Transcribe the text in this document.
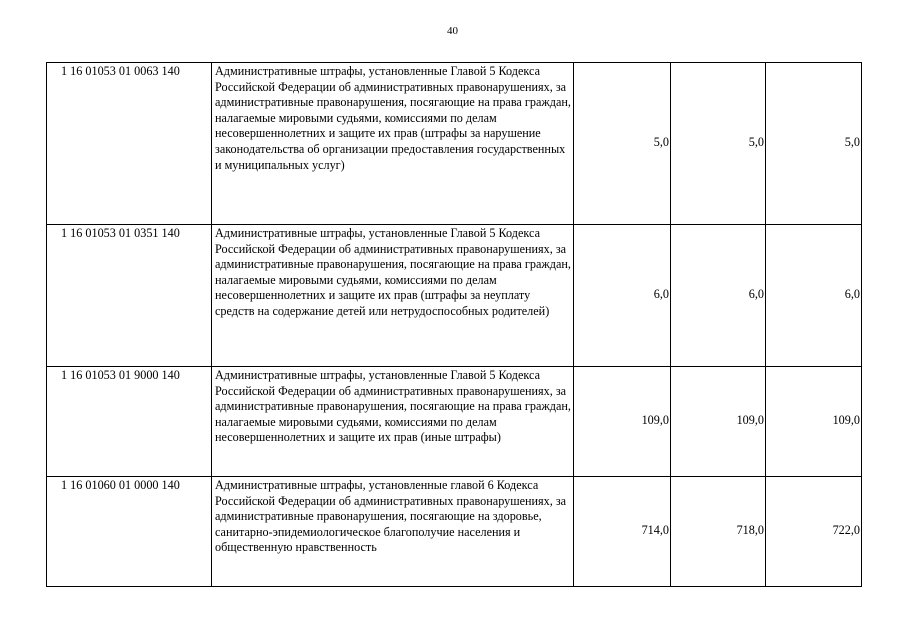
40
1 16 01053 01 0063 140	Административные штрафы, установленные Главой 5 Кодекса Российской Федерации об административных правонарушениях, за административные правонарушения, посягающие на права граждан, налагаемые мировыми судьями, комиссиями по делам несовершеннолетних и защите их прав (штрафы за нарушение законодательства об организации предоставления государственных и муниципальных услуг)	5,0	5,0	5,0
1 16 01053 01 0351 140	Административные штрафы, установленные Главой 5 Кодекса Российской Федерации об административных правонарушениях, за административные правонарушения, посягающие на права граждан, налагаемые мировыми судьями, комиссиями по делам несовершеннолетних и защите их прав (штрафы за неуплату средств на содержание детей или нетрудоспособных родителей)	6,0	6,0	6,0
1 16 01053 01 9000 140	Административные штрафы, установленные Главой 5 Кодекса Российской Федерации об административных правонарушениях, за административные правонарушения, посягающие на права граждан, налагаемые мировыми судьями, комиссиями по делам несовершеннолетних и защите их прав (иные штрафы)	109,0	109,0	109,0
1 16 01060 01 0000 140	Административные штрафы, установленные главой 6 Кодекса Российской Федерации об административных правонарушениях, за административные правонарушения, посягающие на здоровье, санитарно-эпидемиологическое благополучие населения и общественную нравственность	714,0	718,0	722,0
